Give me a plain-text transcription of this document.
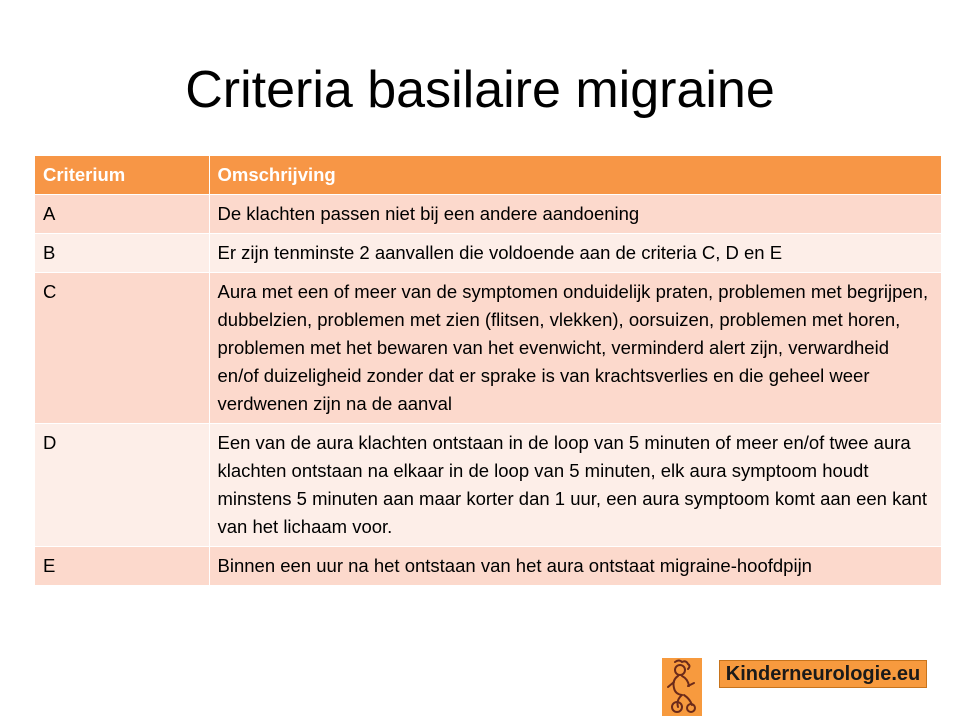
Criteria basilaire migraine
Criterium	Omschrijving
A	De klachten passen niet bij een andere aandoening
B	Er zijn tenminste 2 aanvallen die voldoende aan de criteria C, D en E
C	Aura met een of meer van de symptomen onduidelijk praten, problemen met begrijpen, dubbelzien, problemen met zien (flitsen, vlekken), oorsuizen, problemen met horen, problemen met het bewaren van het evenwicht, verminderd alert zijn, verwardheid en/of duizeligheid zonder dat er sprake is van krachtsverlies en die geheel weer verdwenen zijn na de aanval
D	Een van de aura klachten ontstaan in de loop van 5 minuten of meer en/of twee aura klachten ontstaan na elkaar in de loop van 5 minuten, elk aura symptoom houdt minstens 5 minuten aan maar korter dan 1 uur, een aura symptoom komt aan een kant van het lichaam voor.
E	Binnen een uur na het ontstaan van het aura ontstaat migraine-hoofdpijn
Kinderneurologie.eu
